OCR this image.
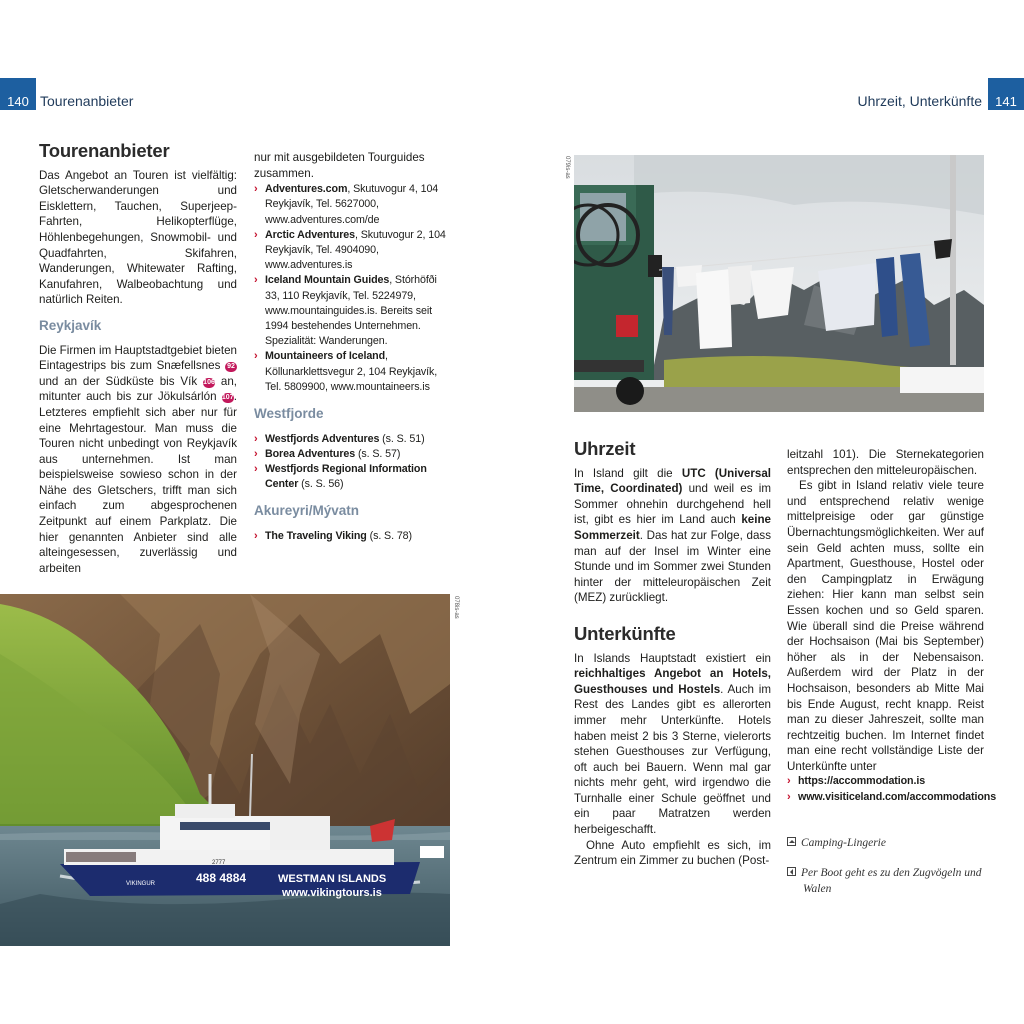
140 Tourenanbieter	Uhrzeit, Unterkünfte	141
Tourenanbieter

Das Angebot an Touren ist vielfältig: Gletscherwanderungen und Eisklettern, Tauchen, Superjeep-Fahrten, Helikopterflüge, Höhlenbegehungen, Snowmobil- und Quadfahrten, Skifahren, Wanderungen, Whitewater Rafting, Kanufahren, Walbeobachtung und natürlich Reiten.

Reykjavík

Die Firmen im Hauptstadtgebiet bieten Eintagestrips bis zum Snæfellsnes 92 und an der Südküste bis Vík 106 an, mitunter auch bis zur Jökulsárlón 107. Letzteres empfiehlt sich aber nur für eine Mehrtagestour. Man muss die Touren nicht unbedingt von Reykjavík aus unternehmen. Ist man beispielsweise sowieso schon in der Nähe des Gletschers, trifft man sich einfach zum abgesprochenen Zeitpunkt auf einem Parkplatz. Die hier genannten Anbieter sind alle alteingesessen, zuverlässig und arbeiten

nur mit ausgebildeten Tourguides zusammen.

› Adventures.com, Skutuvogur 4, 104 Reykjavík, Tel. 5627000, www.adventures.com/de
› Arctic Adventures, Skutuvogur 2, 104 Reykjavík, Tel. 4904090, www.adventures.is
› Iceland Mountain Guides, Stórhöfði 33, 110 Reykjavík, Tel. 5224979, www.mountainguides.is. Bereits seit 1994 bestehendes Unternehmen. Spezialität: Wanderungen.
› Mountaineers of Iceland, Köllunarklettsvegur 2, 104 Reykjavík, Tel. 5809900, www.mountaineers.is
Westfjorde
› Westfjords Adventures (s. S. 51)
› Borea Adventures (s. S. 57)
› Westfjords Regional Information Center (s. S. 56)
Akureyri/Mývatn
› The Traveling Viking (s. S. 78)
488 4884	WESTMAN ISLANDS
www.vikingtours.is
VIKINGUR
2777
078is-as
079is-as
Uhrzeit

In Island gilt die UTC (Universal Time, Coordinated) und weil es im Sommer ohnehin durchgehend hell ist, gibt es hier im Land auch keine Sommerzeit. Das hat zur Folge, dass man auf der Insel im Winter eine Stunde und im Sommer zwei Stunden hinter der mitteleuropäischen Zeit (MEZ) zurückliegt.

Unterkünfte

In Islands Hauptstadt existiert ein reichhaltiges Angebot an Hotels, Guesthouses und Hostels. Auch im Rest des Landes gibt es allerorten immer mehr Unterkünfte. Hotels haben meist 2 bis 3 Sterne, vielerorts stehen Guesthouses zur Verfügung, oft auch bei Bauern. Wenn mal gar nichts mehr geht, wird irgendwo die Turnhalle einer Schule geöffnet und ein paar Matratzen werden herbeigeschafft.

Ohne Auto empfiehlt es sich, im Zentrum ein Zimmer zu buchen (Post-

leitzahl 101). Die Sternekategorien entsprechen den mitteleuropäischen.

Es gibt in Island relativ viele teure und entsprechend relativ wenige mittelpreisige oder gar günstige Übernachtungsmöglichkeiten. Wer auf sein Geld achten muss, sollte ein Apartment, Guesthouse, Hostel oder den Campingplatz in Erwägung ziehen: Hier kann man selbst sein Essen kochen und so Geld sparen. Wie überall sind die Preise während der Hochsaison (Mai bis September) höher als in der Nebensaison. Außerdem wird der Platz in der Hochsaison, besonders ab Mitte Mai bis Ende August, recht knapp. Reist man zu dieser Jahreszeit, sollte man rechtzeitig buchen. Im Internet findet man eine recht vollständige Liste der Unterkünfte unter

› https://accommodation.is
› www.visiticeland.com/accommodations
Camping-Lingerie
Per Boot geht es zu den Zugvögeln und Walen
